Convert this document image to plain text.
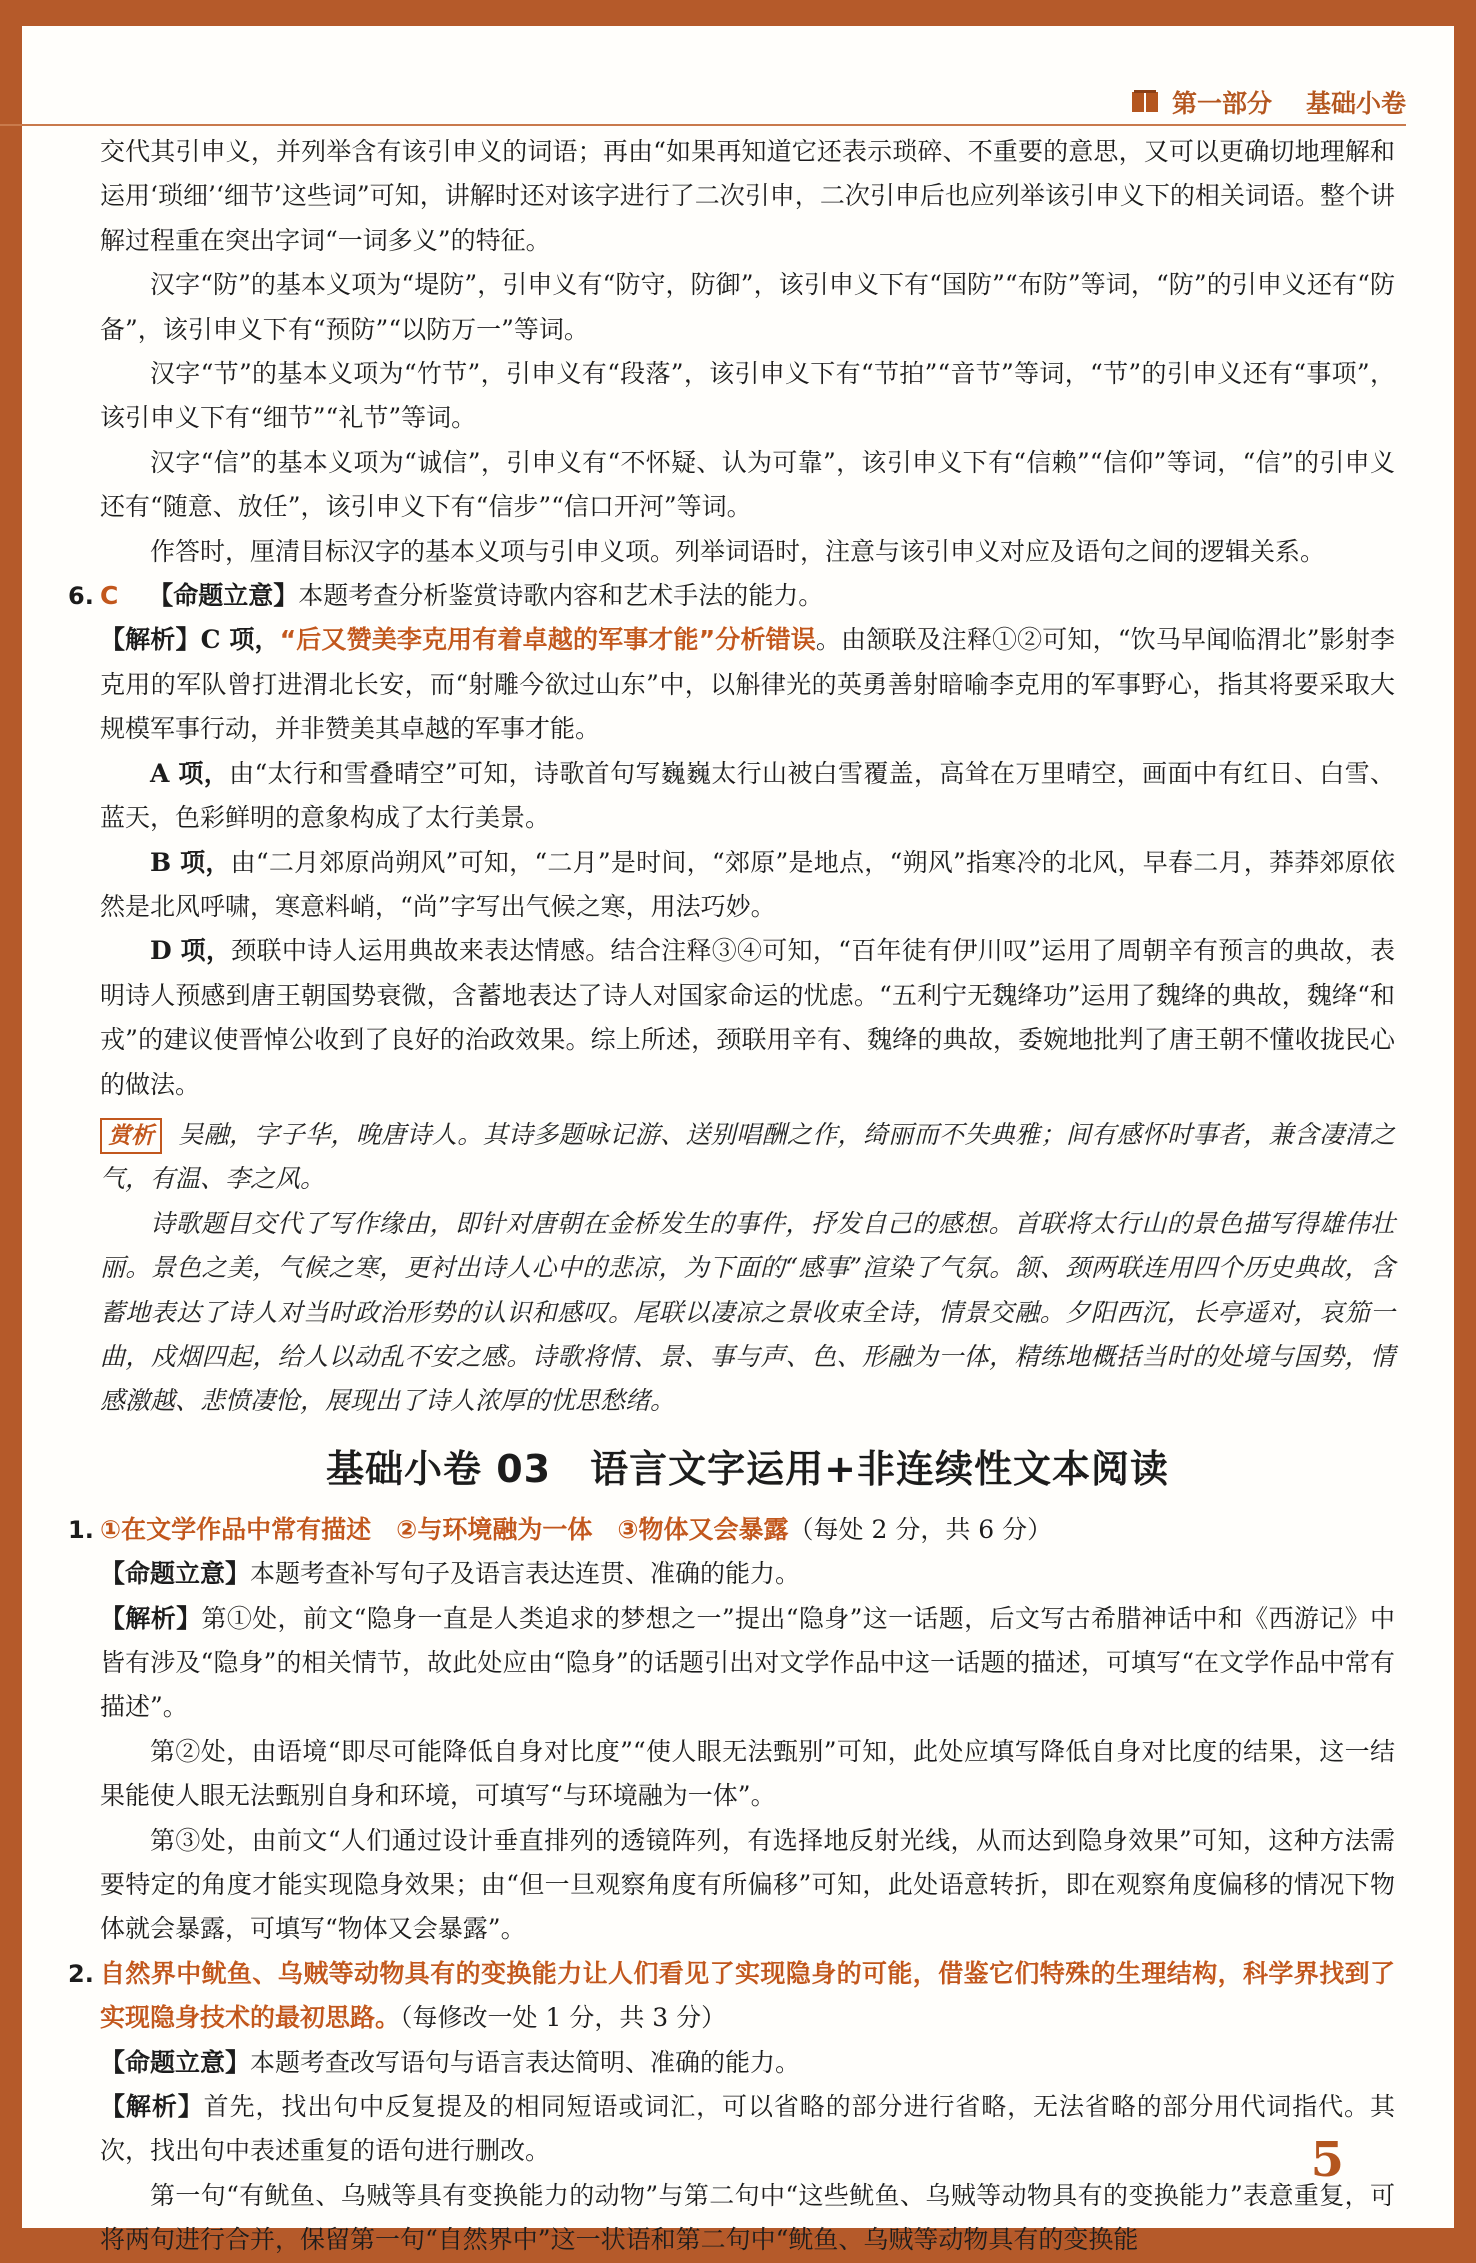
第一部分 基础小卷

交代其引申义，并列举含有该引申义的词语；再由“如果再知道它还表示琐碎、不重要的意思，又可以更确切地理解和运用‘琐细’‘细节’这些词”可知，讲解时还对该字进行了二次引申，二次引申后也应列举该引申义下的相关词语。整个讲解过程重在突出字词“一词多义”的特征。

汉字“防”的基本义项为“堤防”，引申义有“防守，防御”，该引申义下有“国防”“布防”等词，“防”的引申义还有“防备”，该引申义下有“预防”“以防万一”等词。

汉字“节”的基本义项为“竹节”，引申义有“段落”，该引申义下有“节拍”“音节”等词，“节”的引申义还有“事项”，该引申义下有“细节”“礼节”等词。

汉字“信”的基本义项为“诚信”，引申义有“不怀疑、认为可靠”，该引申义下有“信赖”“信仰”等词，“信”的引申义还有“随意、放任”，该引申义下有“信步”“信口开河”等词。

作答时，厘清目标汉字的基本义项与引申义项。列举词语时，注意与该引申义对应及语句之间的逻辑关系。

6. C 【命题立意】本题考查分析鉴赏诗歌内容和艺术手法的能力。

【解析】C 项，“后又赞美李克用有着卓越的军事才能”分析错误。由颔联及注释①②可知，“饮马早闻临渭北”影射李克用的军队曾打进渭北长安，而“射雕今欲过山东”中，以斛律光的英勇善射暗喻李克用的军事野心，指其将要采取大规模军事行动，并非赞美其卓越的军事才能。

A 项，由“太行和雪叠晴空”可知，诗歌首句写巍巍太行山被白雪覆盖，高耸在万里晴空，画面中有红日、白雪、蓝天，色彩鲜明的意象构成了太行美景。

B 项，由“二月郊原尚朔风”可知，“二月”是时间，“郊原”是地点，“朔风”指寒冷的北风，早春二月，莽莽郊原依然是北风呼啸，寒意料峭，“尚”字写出气候之寒，用法巧妙。

D 项，颈联中诗人运用典故来表达情感。结合注释③④可知，“百年徒有伊川叹”运用了周朝辛有预言的典故，表明诗人预感到唐王朝国势衰微，含蓄地表达了诗人对国家命运的忧虑。“五利宁无魏绛功”运用了魏绛的典故，魏绛“和戎”的建议使晋悼公收到了良好的治政效果。综上所述，颈联用辛有、魏绛的典故，委婉地批判了唐王朝不懂收拢民心的做法。

赏析 吴融，字子华，晚唐诗人。其诗多题咏记游、送别唱酬之作，绮丽而不失典雅；间有感怀时事者，兼含凄清之气，有温、李之风。

诗歌题目交代了写作缘由，即针对唐朝在金桥发生的事件，抒发自己的感想。首联将太行山的景色描写得雄伟壮丽。景色之美，气候之寒，更衬出诗人心中的悲凉，为下面的“感事”渲染了气氛。颔、颈两联连用四个历史典故，含蓄地表达了诗人对当时政治形势的认识和感叹。尾联以凄凉之景收束全诗，情景交融。夕阳西沉，长亭遥对，哀笳一曲，戍烟四起，给人以动乱不安之感。诗歌将情、景、事与声、色、形融为一体，精练地概括当时的处境与国势，情感激越、悲愤凄怆，展现出了诗人浓厚的忧思愁绪。

基础小卷 03　语言文字运用+非连续性文本阅读

1. ①在文学作品中常有描述　②与环境融为一体　③物体又会暴露（每处 2 分，共 6 分）

【命题立意】本题考查补写句子及语言表达连贯、准确的能力。

【解析】第①处，前文“隐身一直是人类追求的梦想之一”提出“隐身”这一话题，后文写古希腊神话中和《西游记》中皆有涉及“隐身”的相关情节，故此处应由“隐身”的话题引出对文学作品中这一话题的描述，可填写“在文学作品中常有描述”。

第②处，由语境“即尽可能降低自身对比度”“使人眼无法甄别”可知，此处应填写降低自身对比度的结果，这一结果能使人眼无法甄别自身和环境，可填写“与环境融为一体”。

第③处，由前文“人们通过设计垂直排列的透镜阵列，有选择地反射光线，从而达到隐身效果”可知，这种方法需要特定的角度才能实现隐身效果；由“但一旦观察角度有所偏移”可知，此处语意转折，即在观察角度偏移的情况下物体就会暴露，可填写“物体又会暴露”。

2. 自然界中鱿鱼、乌贼等动物具有的变换能力让人们看见了实现隐身的可能，借鉴它们特殊的生理结构，科学界找到了实现隐身技术的最初思路。（每修改一处 1 分，共 3 分）

【命题立意】本题考查改写语句与语言表达简明、准确的能力。

【解析】首先，找出句中反复提及的相同短语或词汇，可以省略的部分进行省略，无法省略的部分用代词指代。其次，找出句中表述重复的语句进行删改。

第一句“有鱿鱼、乌贼等具有变换能力的动物”与第二句中“这些鱿鱼、乌贼等动物具有的变换能力”表意重复，可将两句进行合并，保留第一句“自然界中”这一状语和第二句中“鱿鱼、乌贼等动物具有的变换能

5
